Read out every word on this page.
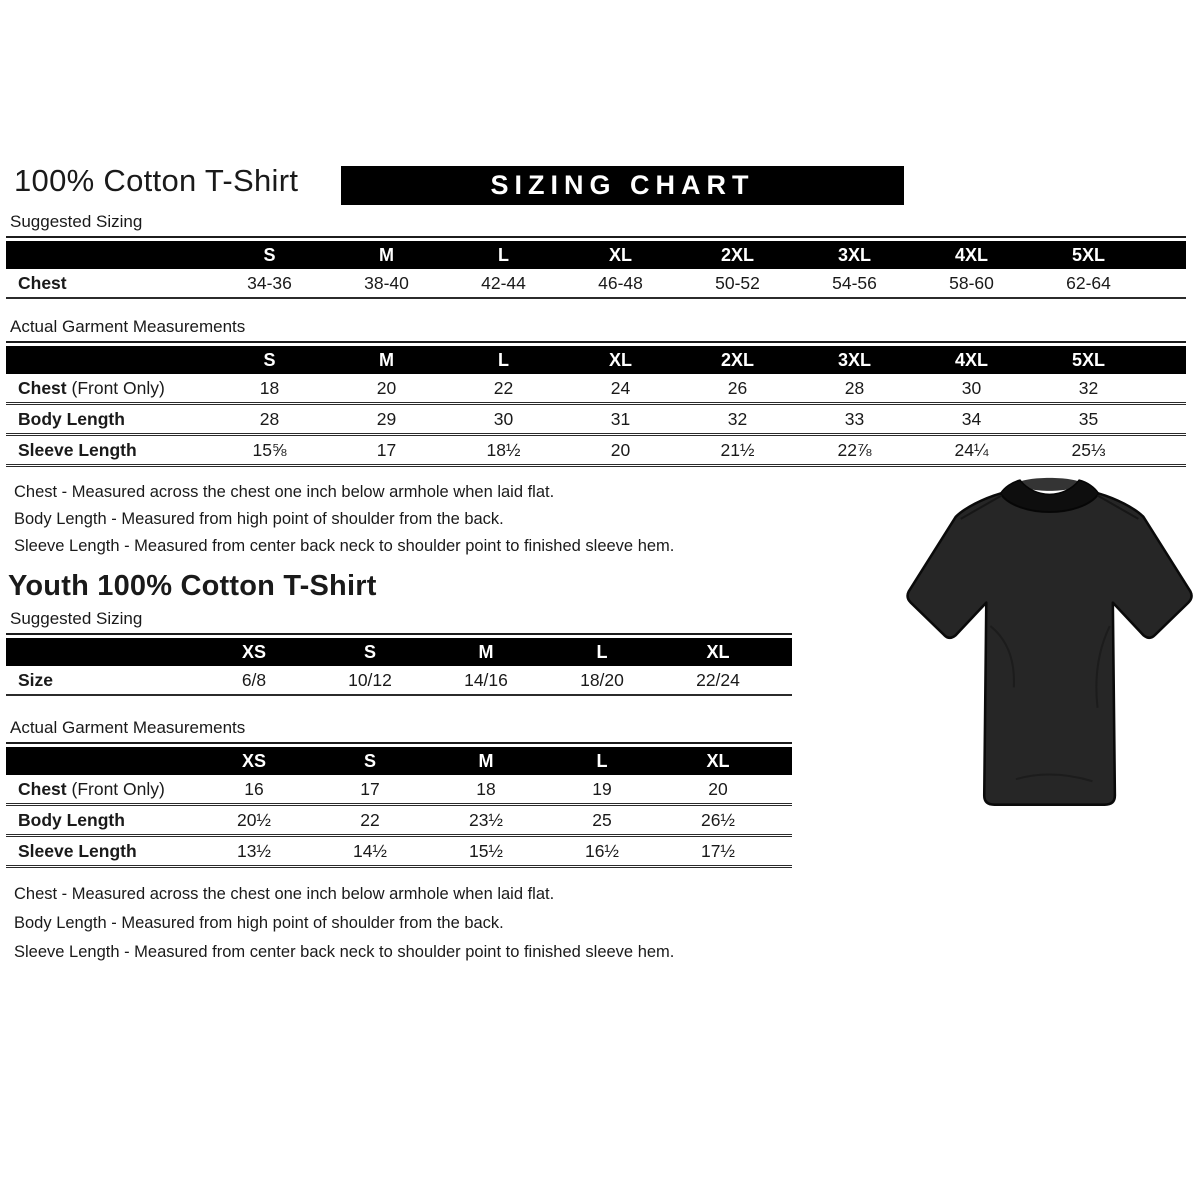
100% Cotton T-Shirt	SIZING CHART

Suggested Sizing

	S	M	L	XL	2XL	3XL	4XL	5XL	
Chest	34-36	38-40	42-44	46-48	50-52	54-56	58-60	62-64	

Actual Garment Measurements

	S	M	L	XL	2XL	3XL	4XL	5XL	
Chest (Front Only)	18	20	22	24	26	28	30	32	
Body Length	28	29	30	31	32	33	34	35	
Sleeve Length	15⅝	17	18½	20	21½	22⅞	24¼	25⅓	

Chest - Measured across the chest one inch below armhole when laid flat.

Body Length - Measured from high point of shoulder from the back.

Sleeve Length - Measured from center back neck to shoulder point to finished sleeve hem.

Youth 100% Cotton T-Shirt

Suggested Sizing

	XS	S	M	L	XL	
Size	6/8	10/12	14/16	18/20	22/24	

Actual Garment Measurements

	XS	S	M	L	XL	
Chest (Front Only)	16	17	18	19	20	
Body Length	20½	22	23½	25	26½	
Sleeve Length	13½	14½	15½	16½	17½	

Chest - Measured across the chest one inch below armhole when laid flat.

Body Length - Measured from high point of shoulder from the back.

Sleeve Length - Measured from center back neck to shoulder point to finished sleeve hem.
